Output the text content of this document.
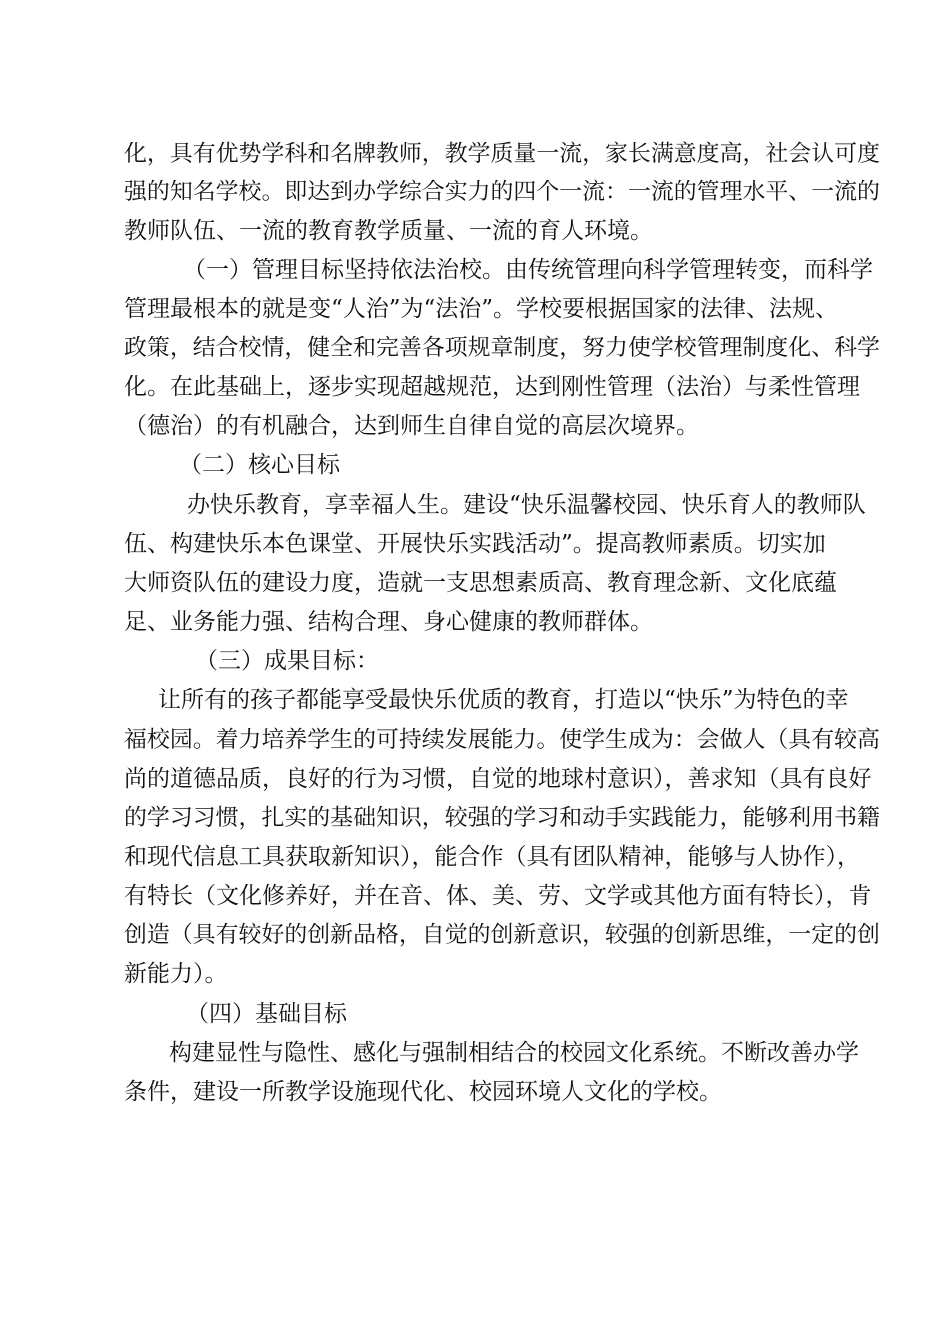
化，具有优势学科和名牌教师，教学质量一流，家长满意度高，社会认可度
强的知名学校。即达到办学综合实力的四个一流：一流的管理水平、一流的
教师队伍、一流的教育教学质量、一流的育人环境。
（一）管理目标坚持依法治校。由传统管理向科学管理转变，而科学
管理最根本的就是变“人治”为“法治”。学校要根据国家的法律、法规、
政策，结合校情，健全和完善各项规章制度，努力使学校管理制度化、科学
化。在此基础上，逐步实现超越规范，达到刚性管理（法治）与柔性管理
（德治）的有机融合，达到师生自律自觉的高层次境界。
（二）核心目标
办快乐教育，享幸福人生。建设“快乐温馨校园、快乐育人的教师队
伍、构建快乐本色课堂、开展快乐实践活动”。提高教师素质。切实加
大师资队伍的建设力度，造就一支思想素质高、教育理念新、文化底蕴
足、业务能力强、结构合理、身心健康的教师群体。
（三）成果目标：
让所有的孩子都能享受最快乐优质的教育，打造以“快乐”为特色的幸
福校园。着力培养学生的可持续发展能力。使学生成为：会做人（具有较高
尚的道德品质，良好的行为习惯，自觉的地球村意识），善求知（具有良好
的学习习惯，扎实的基础知识，较强的学习和动手实践能力，能够利用书籍
和现代信息工具获取新知识），能合作（具有团队精神，能够与人协作），
有特长（文化修养好，并在音、体、美、劳、文学或其他方面有特长），肯
创造（具有较好的创新品格，自觉的创新意识，较强的创新思维，一定的创
新能力）。
（四）基础目标
构建显性与隐性、感化与强制相结合的校园文化系统。不断改善办学
条件，建设一所教学设施现代化、校园环境人文化的学校。
